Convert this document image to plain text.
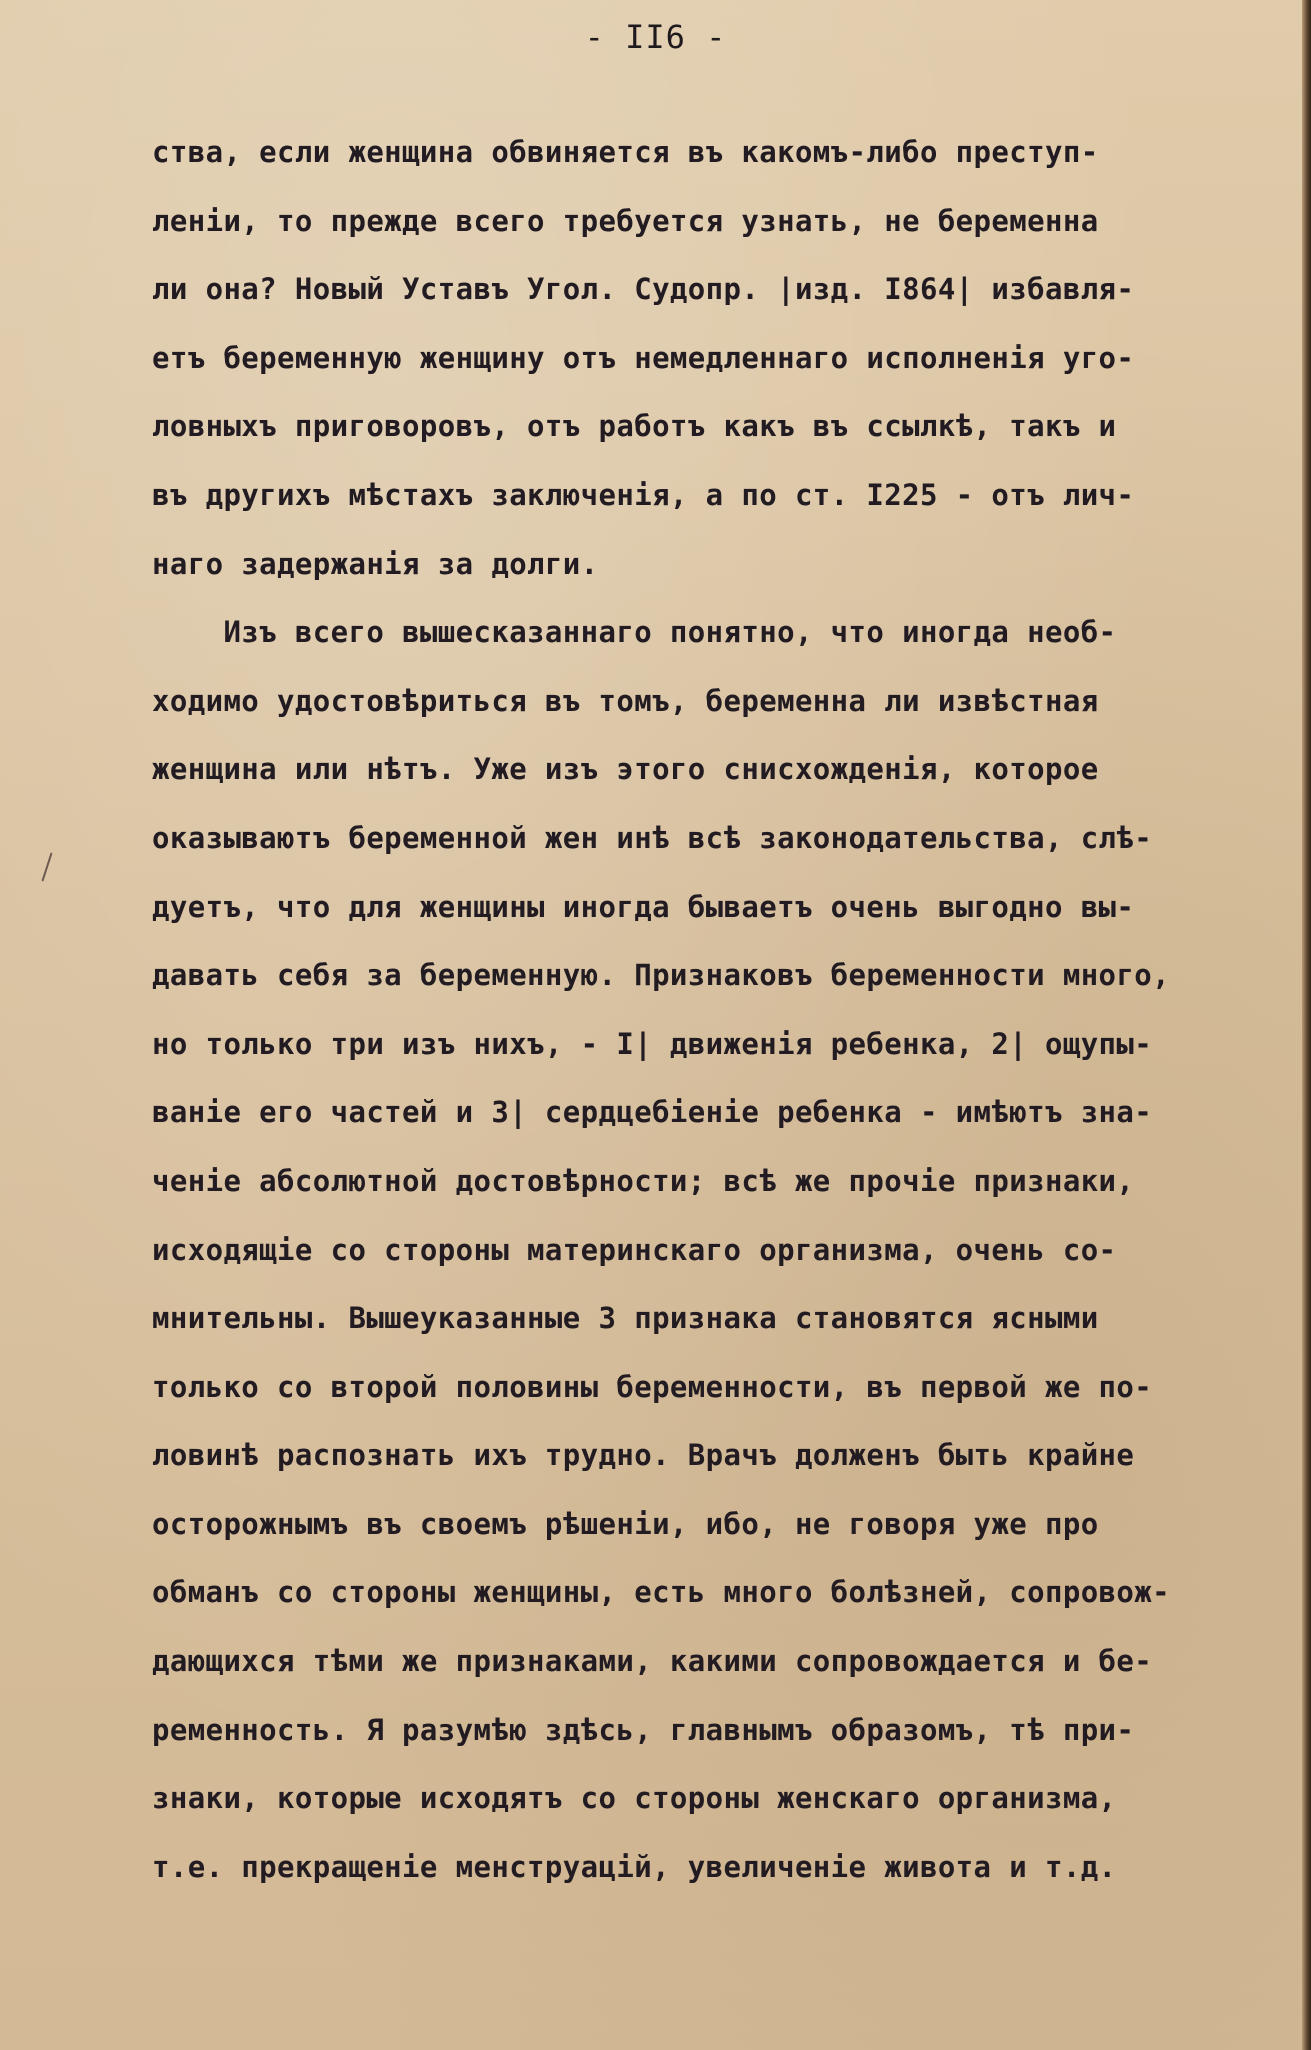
- II6 -
ства, если женщина обвиняется въ какомъ-либо преступ-
ленiи, то прежде всего требуется узнать, не беременна
ли она? Новый Уставъ Угол. Судопр. |изд. I864| избавля-
етъ беременную женщину отъ немедленнаго исполненiя уго-
ловныхъ приговоровъ, отъ работъ какъ въ ссылкѣ, такъ и
въ другихъ мѣстахъ заключенiя, а по ст. I225 - отъ лич-
наго задержанiя за долги.
Изъ всего вышесказаннаго понятно, что иногда необ-
ходимо удостовѣриться въ томъ, беременна ли извѣстная
женщина или нѣтъ. Уже изъ этого снисхожденiя, которое
оказываютъ беременной жен инѣ всѣ законодательства, слѣ-
дуетъ, что для женщины иногда бываетъ очень выгодно вы-
давать себя за беременную. Признаковъ беременности много,
но только три изъ нихъ, - I| движенiя ребенка, 2| ощупы-
ванiе его частей и 3| сердцебiенiе ребенка - имѣютъ зна-
ченiе абсолютной достовѣрности; всѣ же прочiе признаки,
исходящiе со стороны материнскаго организма, очень со-
мнительны. Вышеуказанные 3 признака становятся ясными
только со второй половины беременности, въ первой же по-
ловинѣ распознать ихъ трудно. Врачъ долженъ быть крайне
осторожнымъ въ своемъ рѣшенiи, ибо, не говоря уже про
обманъ со стороны женщины, есть много болѣзней, сопровож-
дающихся тѣми же признаками, какими сопровождается и бе-
ременность. Я разумѣю здѣсь, главнымъ образомъ, тѣ при-
знаки, которые исходятъ со стороны женскаго организма,
т.е. прекращенiе менструацiй, увеличенiе живота и т.д.
